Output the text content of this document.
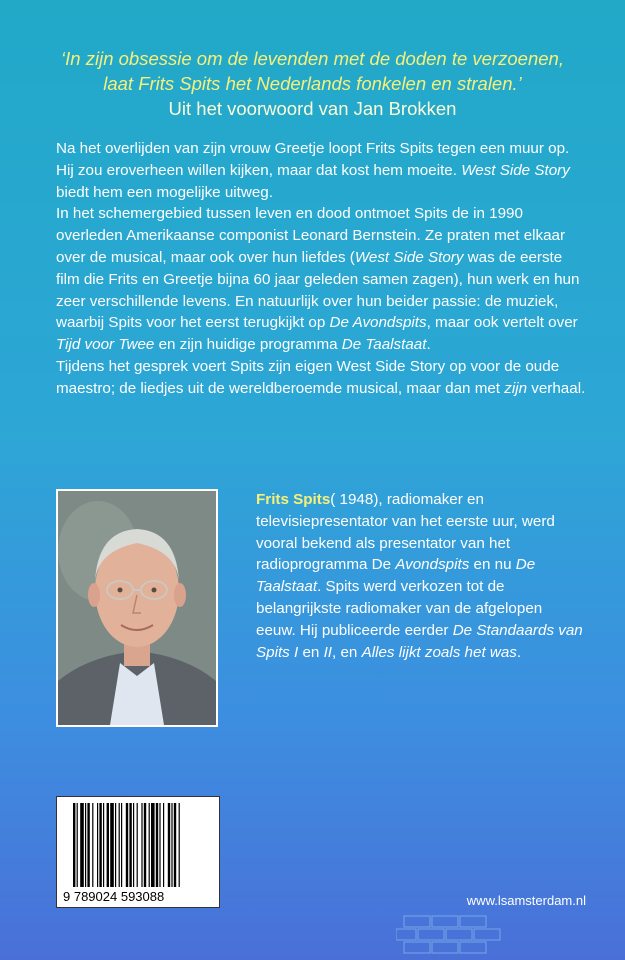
‘In zijn obsessie om de levenden met de doden te verzoenen,
laat Frits Spits het Nederlands fonkelen en stralen.’
Uit het voorwoord van Jan Brokken

Na het overlijden van zijn vrouw Greetje loopt Frits Spits tegen een muur op. Hij zou eroverheen willen kijken, maar dat kost hem moeite. West Side Story biedt hem een mogelijke uitweg.

In het schemergebied tussen leven en dood ontmoet Spits de in 1990 overleden Amerikaanse componist Leonard Bernstein. Ze praten met elkaar over de musical, maar ook over hun liefdes (West Side Story was de eerste film die Frits en Greetje bijna 60 jaar geleden samen zagen), hun werk en hun zeer verschillende levens. En natuurlijk over hun beider passie: de muziek, waarbij Spits voor het eerst terugkijkt op De Avondspits, maar ook vertelt over Tijd voor Twee en zijn huidige programma De Taalstaat.

Tijdens het gesprek voert Spits zijn eigen West Side Story op voor de oude maestro; de liedjes uit de wereldberoemde musical, maar dan met zijn verhaal.

Frits Spits( 1948), radiomaker en televisiepresentator van het eerste uur, werd vooral bekend als presentator van het radioprogramma De Avondspits en nu De Taalstaat. Spits werd verkozen tot de belangrijkste radiomaker van de afgelopen eeuw. Hij publiceerde eerder De Standaards van Spits I en II, en Alles lijkt zoals het was.
9 789024 593088	www.lsamsterdam.nl
